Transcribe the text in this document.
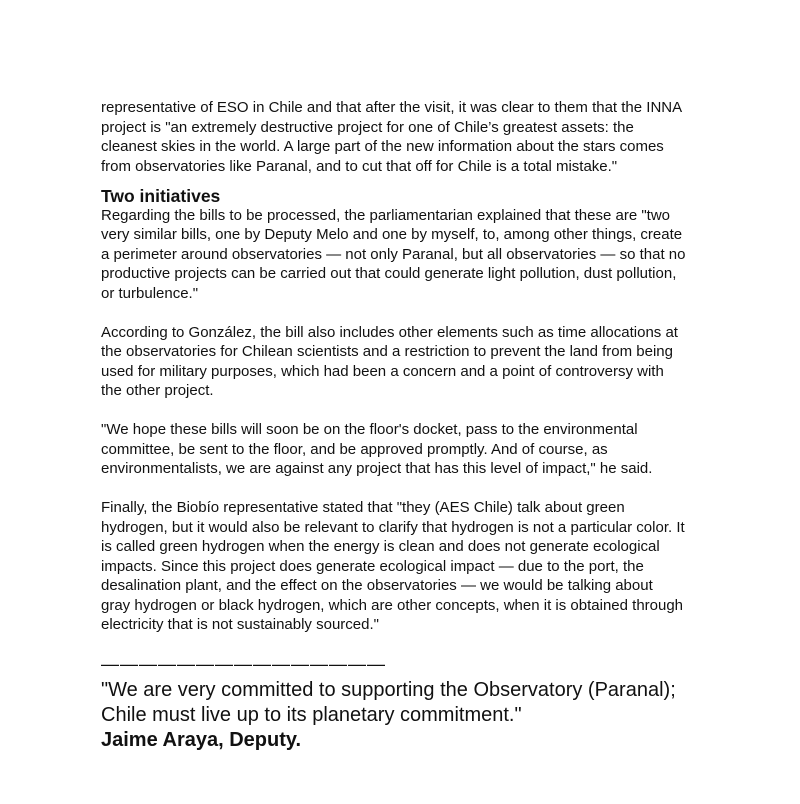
representative of ESO in Chile and that after the visit, it was clear to them that the INNA
project is "an extremely destructive project for one of Chile’s greatest assets: the
cleanest skies in the world. A large part of the new information about the stars comes
from observatories like Paranal, and to cut that off for Chile is a total mistake."
Two initiatives
Regarding the bills to be processed, the parliamentarian explained that these are "two
very similar bills, one by Deputy Melo and one by myself, to, among other things, create
a perimeter around observatories — not only Paranal, but all observatories — so that no
productive projects can be carried out that could generate light pollution, dust pollution,
or turbulence."
According to González, the bill also includes other elements such as time allocations at
the observatories for Chilean scientists and a restriction to prevent the land from being
used for military purposes, which had been a concern and a point of controversy with
the other project.
"We hope these bills will soon be on the floor's docket, pass to the environmental
committee, be sent to the floor, and be approved promptly. And of course, as
environmentalists, we are against any project that has this level of impact," he said.
Finally, the Biobío representative stated that "they (AES Chile) talk about green
hydrogen, but it would also be relevant to clarify that hydrogen is not a particular color. It
is called green hydrogen when the energy is clean and does not generate ecological
impacts. Since this project does generate ecological impact — due to the port, the
desalination plant, and the effect on the observatories — we would be talking about
gray hydrogen or black hydrogen, which are other concepts, when it is obtained through
electricity that is not sustainably sourced."
———————————————
"We are very committed to supporting the Observatory (Paranal);
Chile must live up to its planetary commitment."
Jaime Araya, Deputy.
